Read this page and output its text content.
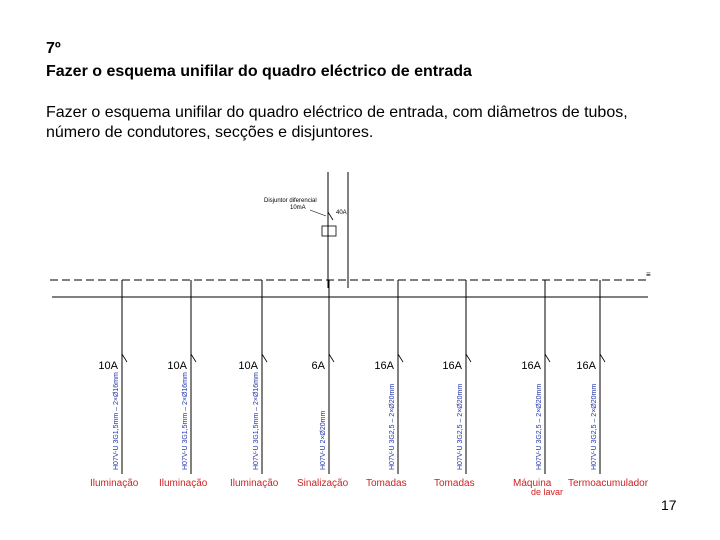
7º
Fazer o esquema unifilar do quadro eléctrico de entrada
Fazer o esquema unifilar do quadro eléctrico de entrada, com diâmetros de tubos,
número de condutores, secções e disjuntores.
Disjuntor diferencial
10mA
40A
≡
10A
H07V-U 3G1,5mm – 2×Ø16mm
Iluminação
10A
H07V-U 3G1,5mm – 2×Ø16mm
Iluminação
10A
H07V-U 3G1,5mm – 2×Ø16mm
Iluminação
6A
H07V-U 2×Ø20mm
Sinalização
16A
H07V-U 3G2,5 – 2×Ø20mm
Tomadas
16A
H07V-U 3G2,5 – 2×Ø20mm
Tomadas
16A
H07V-U 3G2,5 – 2×Ø20mm
Máquina
de lavar
16A
H07V-U 3G2,5 – 2×Ø20mm
Termoacumulador
17
